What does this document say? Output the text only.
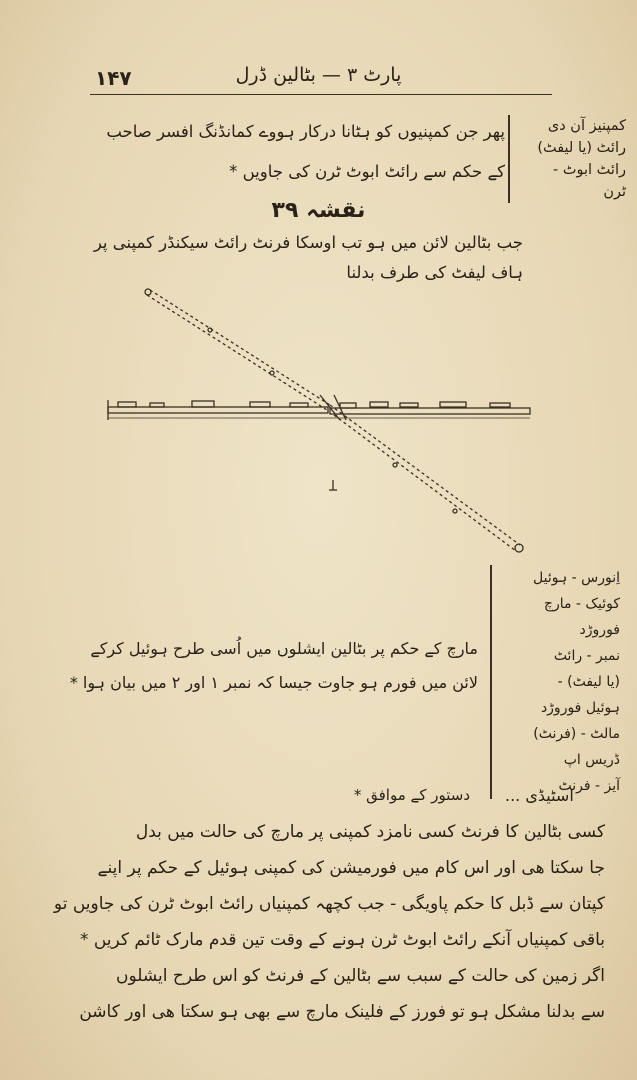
۱۴۷	پارٹ ۳ — بٹالین ڈرل
کمپنیز آن دی
رائٹ (یا لیفٹ)
رائٹ ابوٹ -
ٹرن
پھر جن کمپنیوں کو ہٹانا درکار ہووے کمانڈنگ افسر صاحب
کے حکم سے رائٹ ابوٹ ٹرن کی جاویں *
نقشہ ۳۹
جب بٹالین لائن میں ہو تب اوسکا فرنٹ رائٹ سیکنڈر کمپنی پر
ہاف لیفٹ کی طرف بدلنا
اِنورس - ہوئیل
کوئیک - مارچ
فوروڑد
نمبر - رائٹ
(یا لیفٹ) -
ہوئیل فوروڑد
مالٹ - (فرنٹ)
ڈریس اپ
آیز - فرنٹ
مارچ کے حکم پر بٹالین ایشلوں میں اُسی طرح ہوئیل کرکے
لائن میں فورم ہو جاوت جیسا کہ نمبر ۱ اور ۲ میں بیان ہوا *
دستور کے موافق * اسٹیڈی ...
کسی بٹالین کا فرنٹ کسی نامزد کمپنی پر مارچ کی حالت میں بدل
جا سکتا ھی اور اس کام میں فورمیشن کی کمپنی ہوئیل کے حکم پر اپنے
کپتان سے ڈبل کا حکم پاویگی - جب کچھہ کمپنیاں رائٹ ابوٹ ٹرن کی جاویں تو
باقی کمپنیاں آنکے رائٹ ابوٹ ٹرن ہونے کے وقت تین قدم مارک ٹائم کریں *
اگر زمین کی حالت کے سبب سے بٹالین کے فرنٹ کو اس طرح ایشلوں
سے بدلنا مشکل ہو تو فورز کے فلینک مارچ سے بھی ہو سکتا ھی اور کاشن
